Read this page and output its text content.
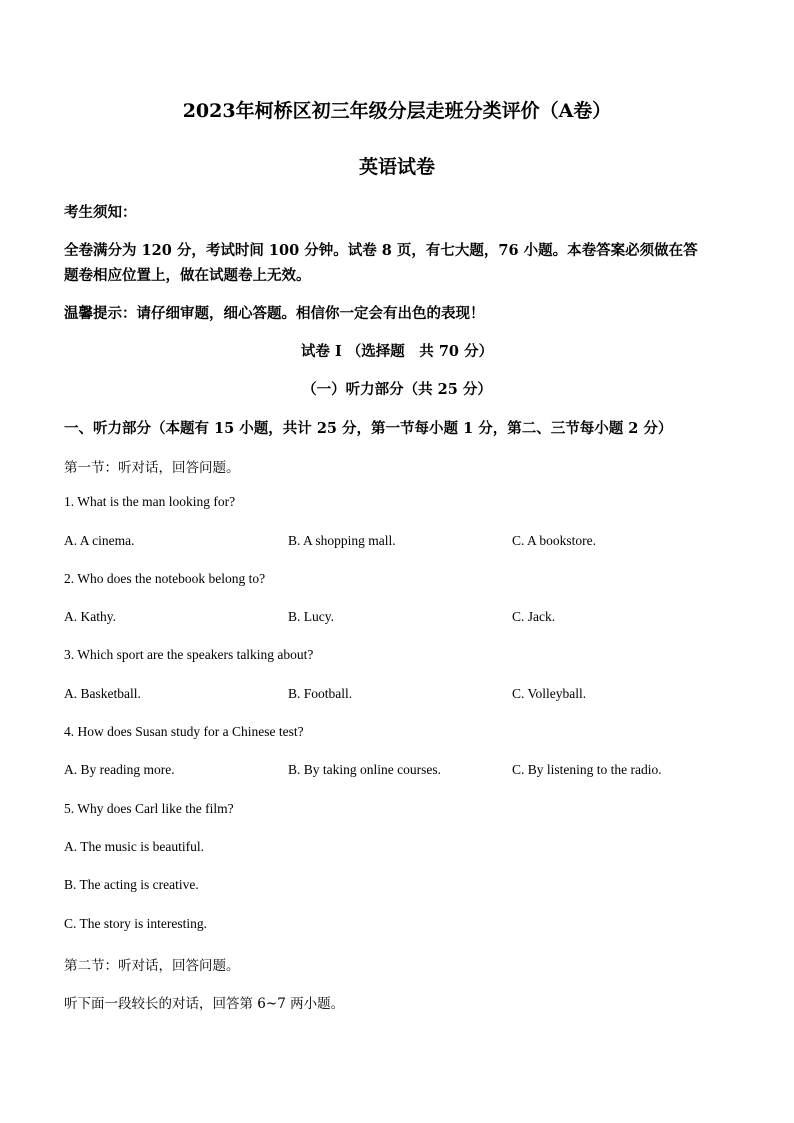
2023年柯桥区初三年级分层走班分类评价（A卷）
英语试卷
考生须知：
全卷满分为 120 分，考试时间 100 分钟。试卷 8 页，有七大题，76 小题。本卷答案必须做在答
题卷相应位置上，做在试题卷上无效。
温馨提示：请仔细审题，细心答题。相信你一定会有出色的表现！
试卷 I （选择题　共 70 分）
（一）听力部分（共 25 分）
一、听力部分（本题有 15 小题，共计 25 分，第一节每小题 1 分，第二、三节每小题 2 分）
第一节：听对话，回答问题。
1. What is the man looking for?
A. A cinema.	B. A shopping mall.	C. A bookstore.
2. Who does the notebook belong to?
A. Kathy.	B. Lucy.	C. Jack.
3. Which sport are the speakers talking about?
A. Basketball.	B. Football.	C. Volleyball.
4. How does Susan study for a Chinese test?
A. By reading more.	B. By taking online courses.	C. By listening to the radio.
5. Why does Carl like the film?
A. The music is beautiful.
B. The acting is creative.
C. The story is interesting.
第二节：听对话，回答问题。
听下面一段较长的对话，回答第 6~7 两小题。
